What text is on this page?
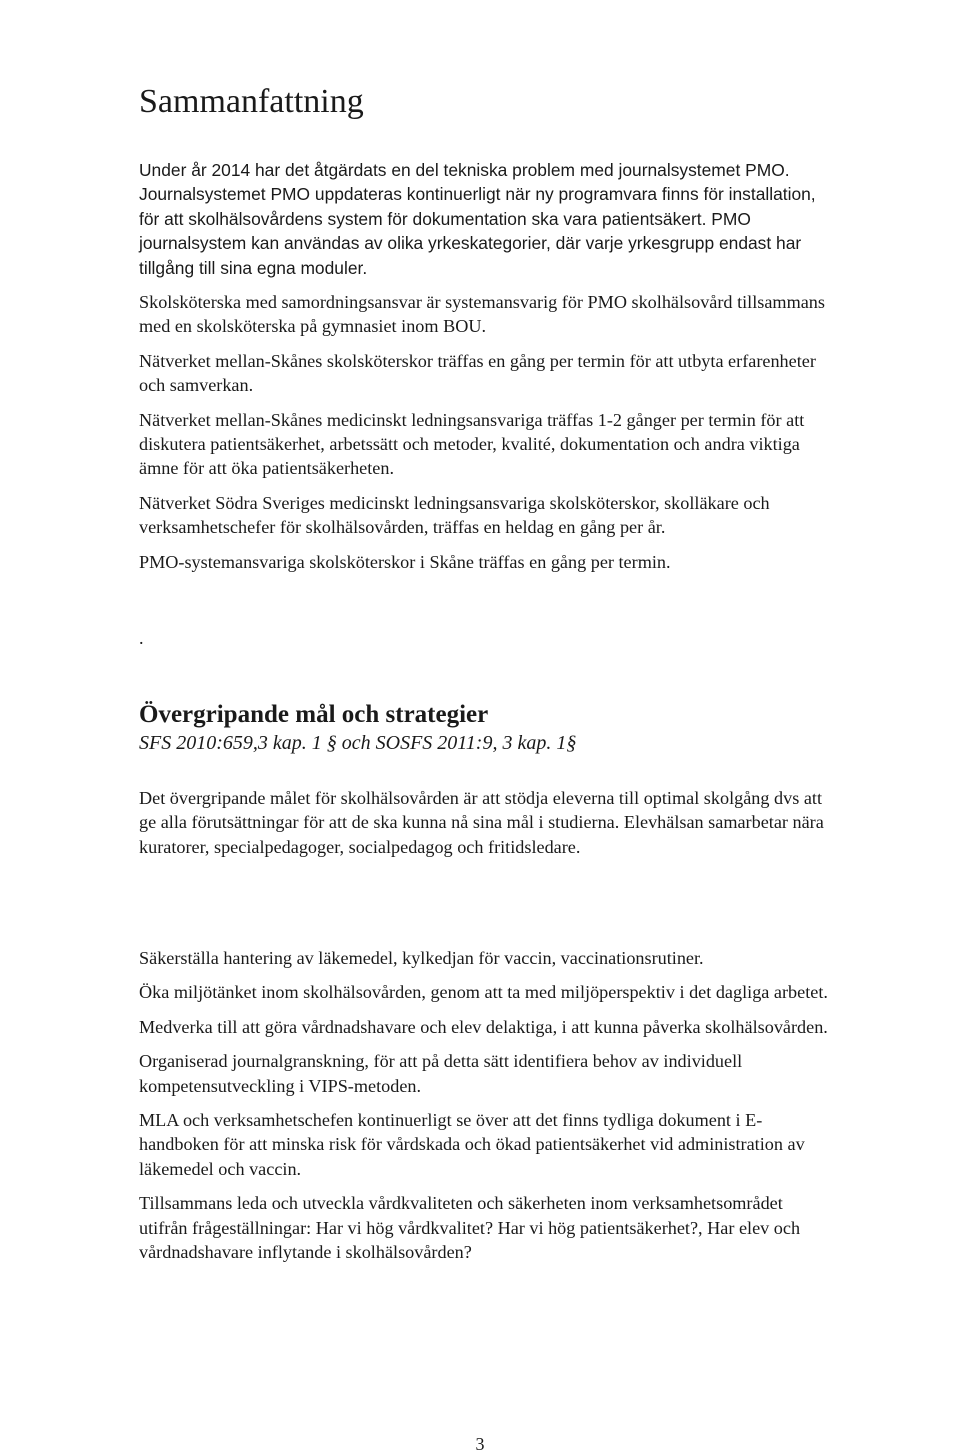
Sammanfattning

Under år 2014 har det åtgärdats en del tekniska problem med journalsystemet PMO. Journalsystemet PMO uppdateras kontinuerligt när ny programvara finns för installation, för att skolhälsovårdens system för dokumentation ska vara patientsäkert. PMO journalsystem kan användas av olika yrkeskategorier, där varje yrkesgrupp endast har tillgång till sina egna moduler.

Skolsköterska med samordningsansvar är systemansvarig för PMO skolhälsovård tillsammans med en skolsköterska på gymnasiet inom BOU.

Nätverket mellan-Skånes skolsköterskor träffas en gång per termin för att utbyta erfarenheter och samverkan.

Nätverket mellan-Skånes medicinskt ledningsansvariga träffas 1-2 gånger per termin för att diskutera patientsäkerhet, arbetssätt och metoder, kvalité, dokumentation och andra viktiga ämne för att öka patientsäkerheten.

Nätverket Södra Sveriges medicinskt ledningsansvariga skolsköterskor, skolläkare och verksamhetschefer för skolhälsovården, träffas en heldag en gång per år.

PMO-systemansvariga skolsköterskor i Skåne träffas en gång per termin.

.

Övergripande mål och strategier

SFS 2010:659,3 kap. 1 § och SOSFS 2011:9, 3 kap. 1§

Det övergripande målet för skolhälsovården är att stödja eleverna till optimal skolgång dvs att ge alla förutsättningar för att de ska kunna nå sina mål i studierna. Elevhälsan samarbetar nära kuratorer, specialpedagoger, socialpedagog och fritidsledare.

Säkerställa hantering av läkemedel, kylkedjan för vaccin, vaccinationsrutiner.

Öka miljötänket inom skolhälsovården, genom att ta med miljöperspektiv i det dagliga arbetet.

Medverka till att göra vårdnadshavare och elev delaktiga, i att kunna påverka skolhälsovården.

Organiserad journalgranskning, för att på detta sätt identifiera behov av individuell kompetensutveckling i VIPS-metoden.

MLA och verksamhetschefen kontinuerligt se över att det finns tydliga dokument i E-handboken för att minska risk för vårdskada och ökad patientsäkerhet vid administration av läkemedel och vaccin.

Tillsammans leda och utveckla vårdkvaliteten och säkerheten inom verksamhetsområdet utifrån frågeställningar: Har vi hög vårdkvalitet? Har vi hög patientsäkerhet?, Har elev och vårdnadshavare inflytande i skolhälsovården?

3
